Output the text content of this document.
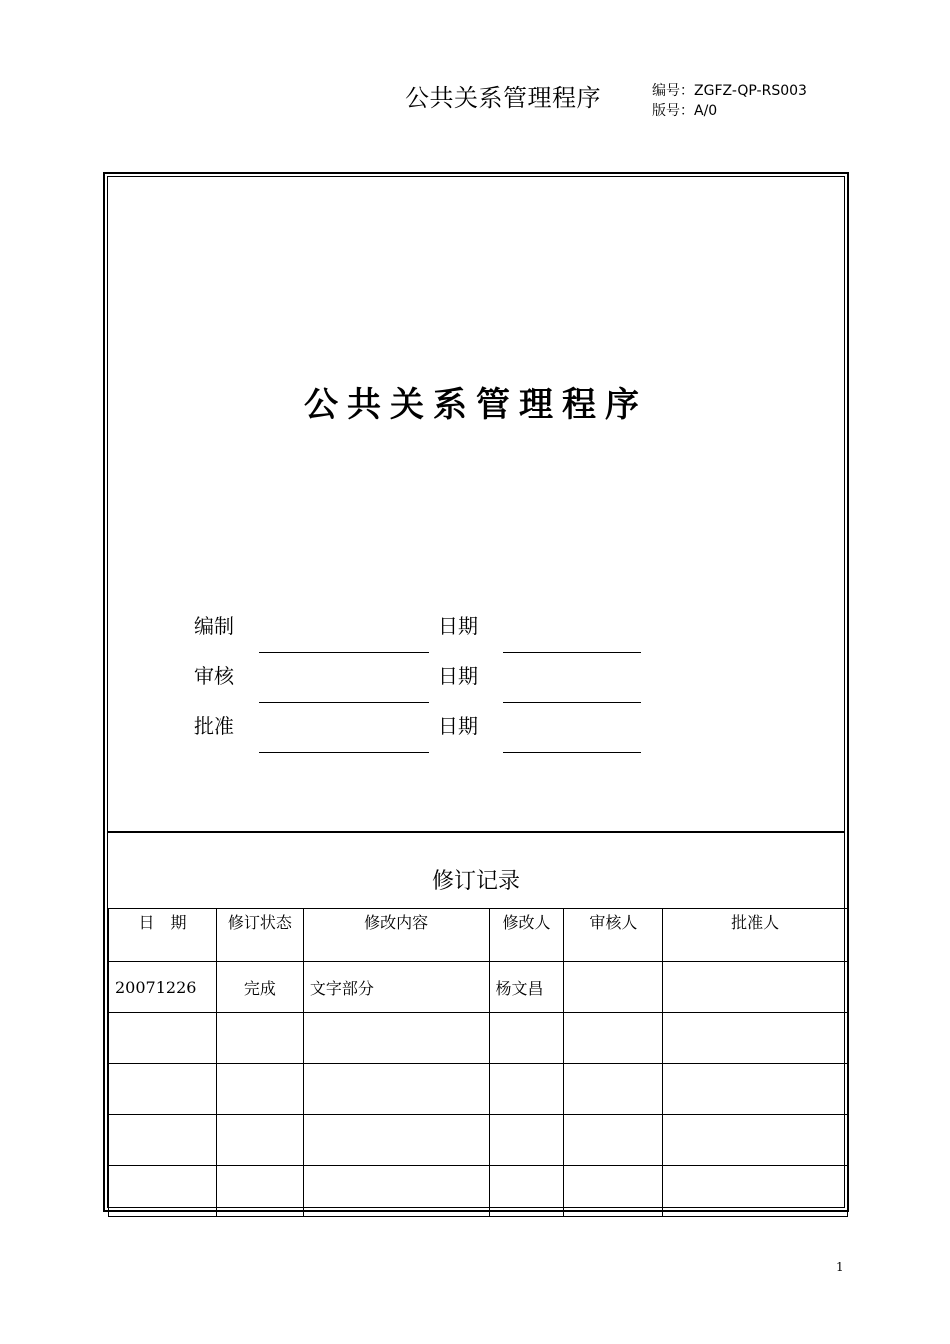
公共关系管理程序	编号：ZGFZ-QP-RS003
版号：A/0
公共关系管理程序
编制	日期
审核	日期
批准	日期
修订记录
日　期	修订状态	修改内容	修改人	审核人	批准人
20071226	完成	文字部分	杨文昌		

1
